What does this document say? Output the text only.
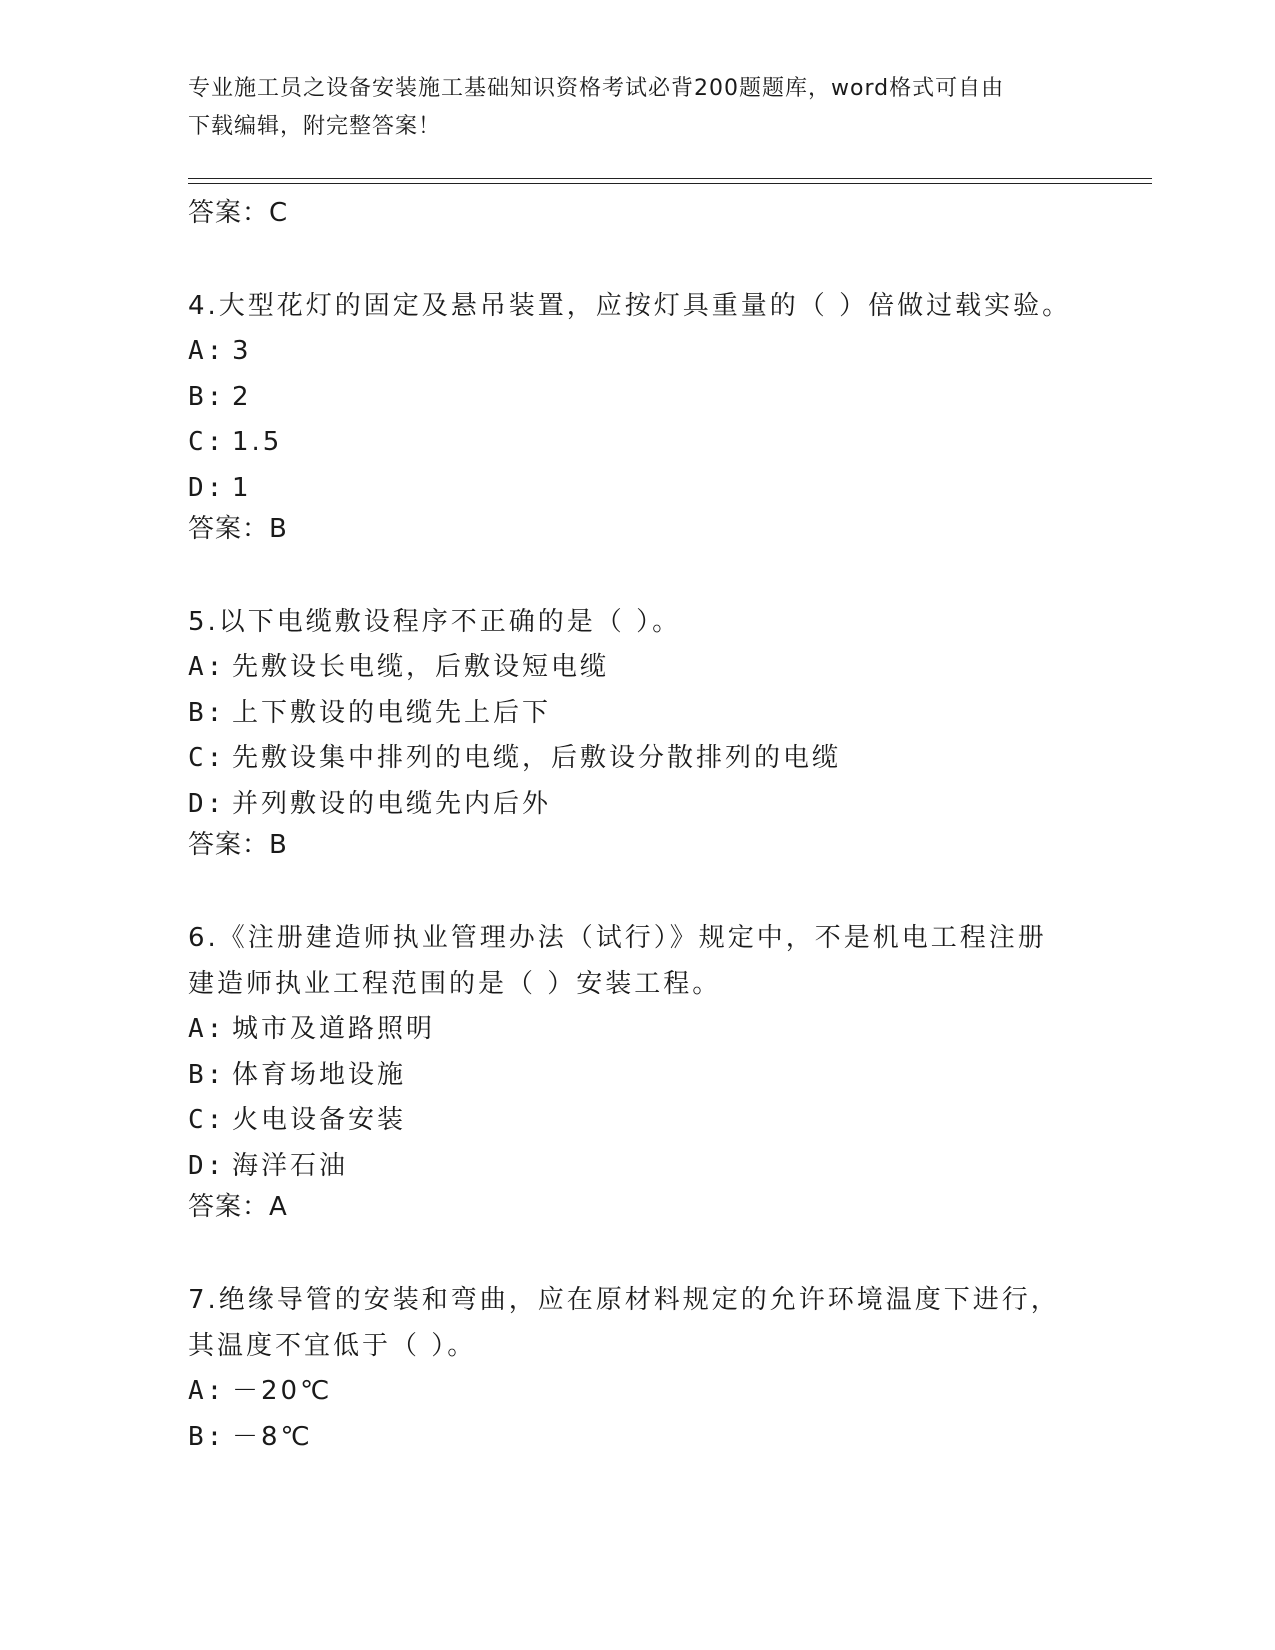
专业施工员之设备安装施工基础知识资格考试必背200题题库，word格式可自由
下载编辑，附完整答案！
答案：C
4.大型花灯的固定及悬吊装置，应按灯具重量的（ ）倍做过载实验。
A: 3
B: 2
C: 1.5
D: 1
答案：B
5.以下电缆敷设程序不正确的是（ ）。
A: 先敷设长电缆，后敷设短电缆
B: 上下敷设的电缆先上后下
C: 先敷设集中排列的电缆，后敷设分散排列的电缆
D: 并列敷设的电缆先内后外
答案：B
6.《注册建造师执业管理办法（试行）》规定中，不是机电工程注册
建造师执业工程范围的是（ ）安装工程。
A: 城市及道路照明
B: 体育场地设施
C: 火电设备安装
D: 海洋石油
答案：A
7.绝缘导管的安装和弯曲，应在原材料规定的允许环境温度下进行，
其温度不宜低于（ ）。
A: －20℃
B: －8℃
